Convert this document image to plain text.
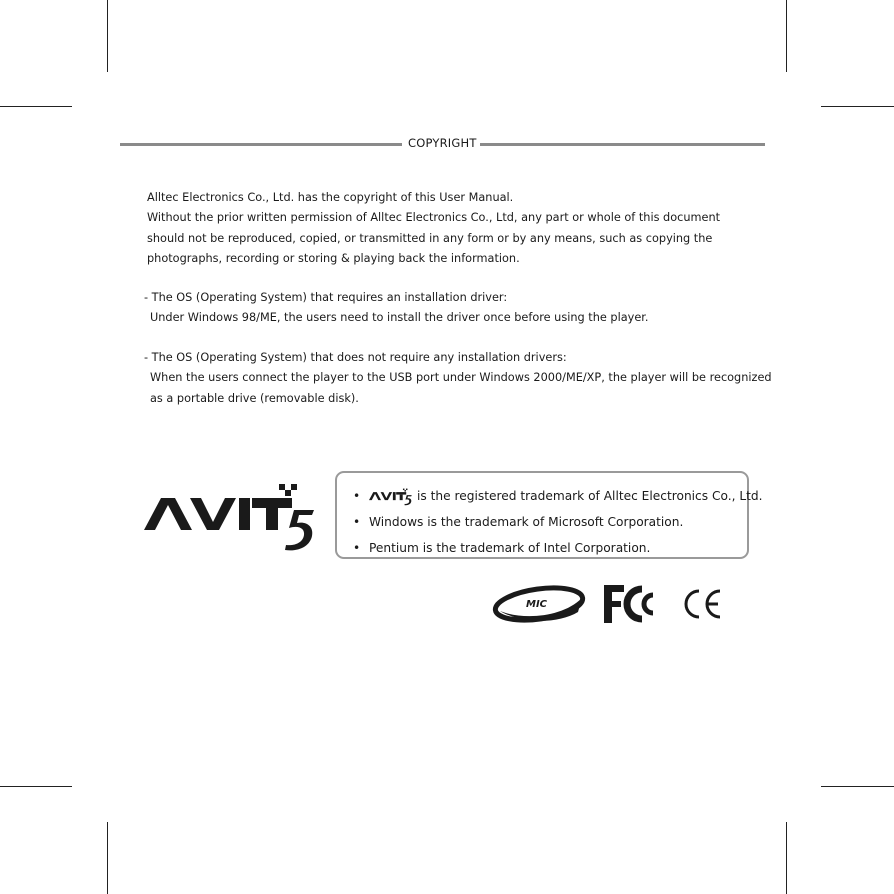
COPYRIGHT

Alltec Electronics Co., Ltd. has the copyright of this User Manual.

Without the prior written permission of Alltec Electronics Co., Ltd, any part or whole of this document

should not be reproduced, copied, or transmitted in any form or by any means, such as copying the

photographs, recording or storing & playing back the information.

- The OS (Operating System) that requires an installation driver:

Under Windows 98/ME, the users need to install the driver once before using the player.

- The OS (Operating System) that does not require any installation drivers:

When the users connect the player to the USB port under Windows 2000/ME/XP, the player will be recognized

as a portable drive (removable disk).

•	is the registered trademark of Alltec Electronics Co., Ltd.
• Windows is the trademark of Microsoft Corporation.
• Pentium is the trademark of Intel Corporation.
MIC
FC
CE
